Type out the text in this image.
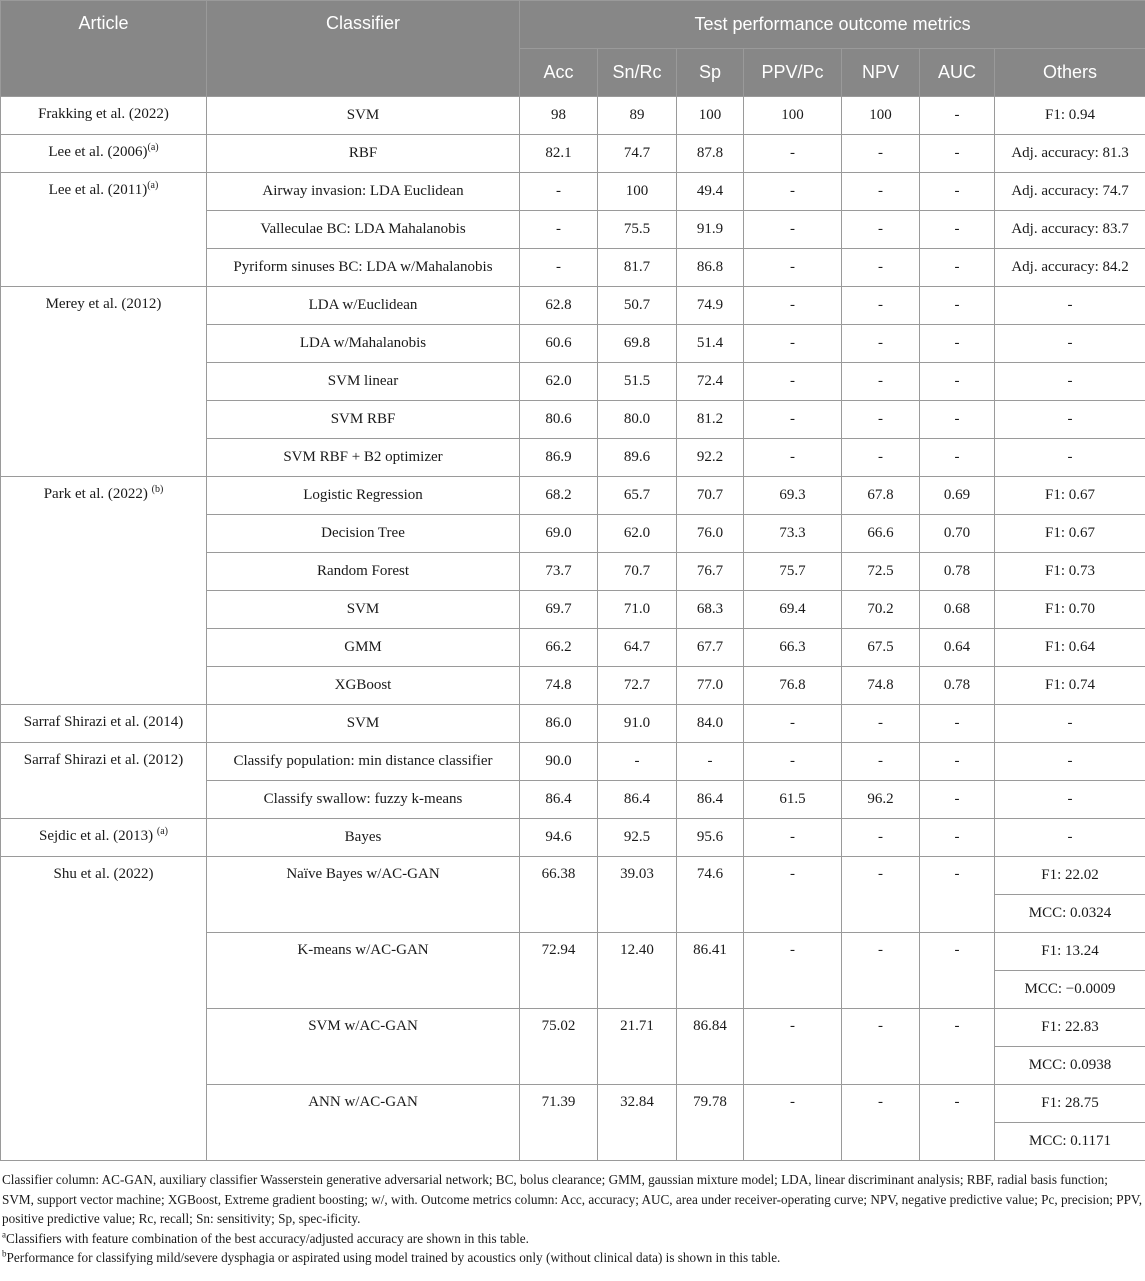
Article	Classifier	Test performance outcome metrics						
		Acc	Sn/Rc	Sp	PPV/Pc	NPV	AUC	Others
Frakking et al. (2022)	SVM	98	89	100	100	100	-	F1: 0.94
Lee et al. $(2006)^{(a)}$	RBF	82.1	74.7	87.8	-	-	-	Adj. accuracy: 81.3
Lee et al. $(2011)^{(a)}$	Airway invasion: LDA Euclidean	-	100	49.4	-	-	-	Adj. accuracy: 74.7
	Valleculae BC: LDA Mahalanobis	-	75.5	91.9	-	-	-	Adj. accuracy: 83.7
	Pyriform sinuses BC: LDA w/Mahalanobis	-	81.7	86.8	-	-	-	Adj. accuracy: 84.2
Merey et al. (2012)	LDA w/Euclidean	62.8	50.7	74.9	-	-	-	-
	LDA w/Mahalanobis	60.6	69.8	51.4	-	-	-	-
	SVM linear	62.0	51.5	72.4	-	-	-	-
	SVM RBF	80.6	80.0	81.2	-	-	-	-
	SVM RBF + B2 optimizer	86.9	89.6	92.2	-	-	-	-
Park et al. (2022) $^{(b)}$	Logistic Regression	68.2	65.7	70.7	69.3	67.8	0.69	F1: 0.67
	Decision Tree	69.0	62.0	76.0	73.3	66.6	0.70	F1: 0.67
	Random Forest	73.7	70.7	76.7	75.7	72.5	0.78	F1: 0.73
	SVM	69.7	71.0	68.3	69.4	70.2	0.68	F1: 0.70
	GMM	66.2	64.7	67.7	66.3	67.5	0.64	F1: 0.64
	XGBoost	74.8	72.7	77.0	76.8	74.8	0.78	F1: 0.74
Sarraf Shirazi et al. (2014)	SVM	86.0	91.0	84.0	-	-	-	-
Sarraf Shirazi et al. (2012)	Classify population: min distance classifier	90.0	-	-	-	-	-	-
	Classify swallow: fuzzy k-means	86.4	86.4	86.4	61.5	96.2	-	-
Sejdic et al. (2013) $^{(a)}$	Bayes	94.6	92.5	95.6	-	-	-	-
Shu et al. (2022)	Naïve Bayes w/AC-GAN	66.38	39.03	74.6	-	-	-	F1: 22.02
								MCC: 0.0324
	K-means w/AC-GAN	72.94	12.40	86.41	-	-	-	F1: 13.24
								MCC: −0.0009
	SVM w/AC-GAN	75.02	21.71	86.84	-	-	-	F1: 22.83
								MCC: 0.0938
	ANN w/AC-GAN	71.39	32.84	79.78	-	-	-	F1: 28.75
								MCC: 0.1171

Classifier column: AC-GAN, auxiliary classifier Wasserstein generative adversarial network; BC, bolus clearance; GMM, gaussian mixture model; LDA, linear discriminant analysis; RBF, radial basis function; SVM, support vector machine; XGBoost, Extreme gradient boosting; w/, with. Outcome metrics column: Acc, accuracy; AUC, area under receiver-operating curve; NPV, negative predictive value; Pc, precision; PPV, positive predictive value; Rc, recall; Sn: sensitivity; Sp, spec-ificity.

$^a$Classifiers with feature combination of the best accuracy/adjusted accuracy are shown in this table.

$^b$Performance for classifying mild/severe dysphagia or aspirated using model trained by acoustics only (without clinical data) is shown in this table.
